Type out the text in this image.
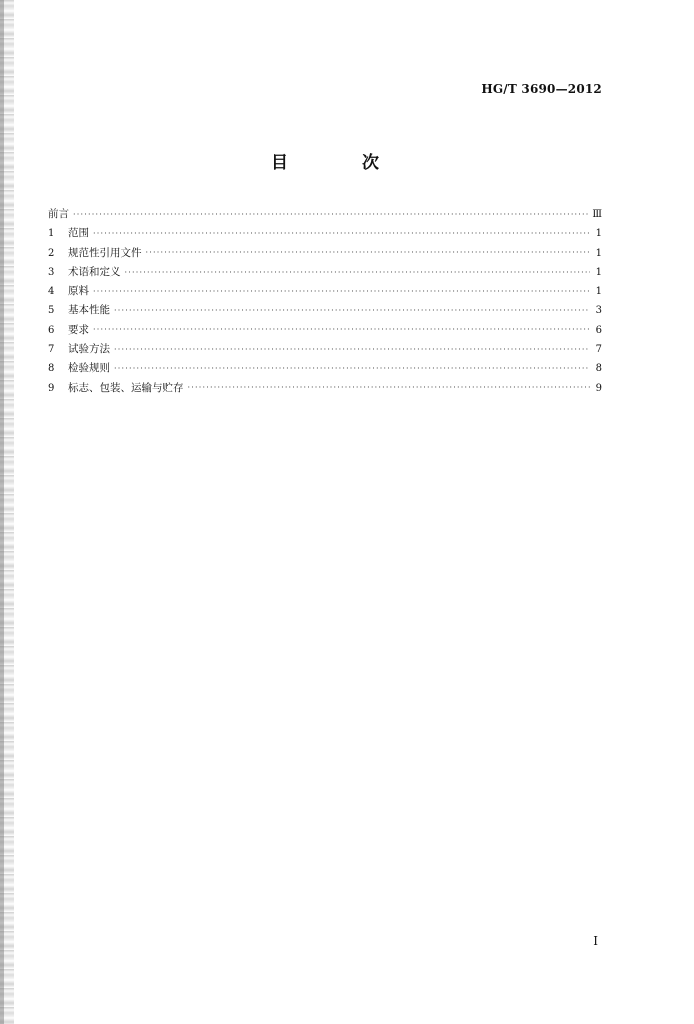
HG/T 3690—2012
目 次
前言 ·····	Ⅲ
1	范围 ·····	1
2	规范性引用文件 ·····	1
3	术语和定义 ·····	1
4	原料 ·····	1
5	基本性能 ·····	3
6	要求 ·····	6
7	试验方法 ·····	7
8	检验规则 ·····	8
9	标志、包装、运输与贮存 ·····	9
I
